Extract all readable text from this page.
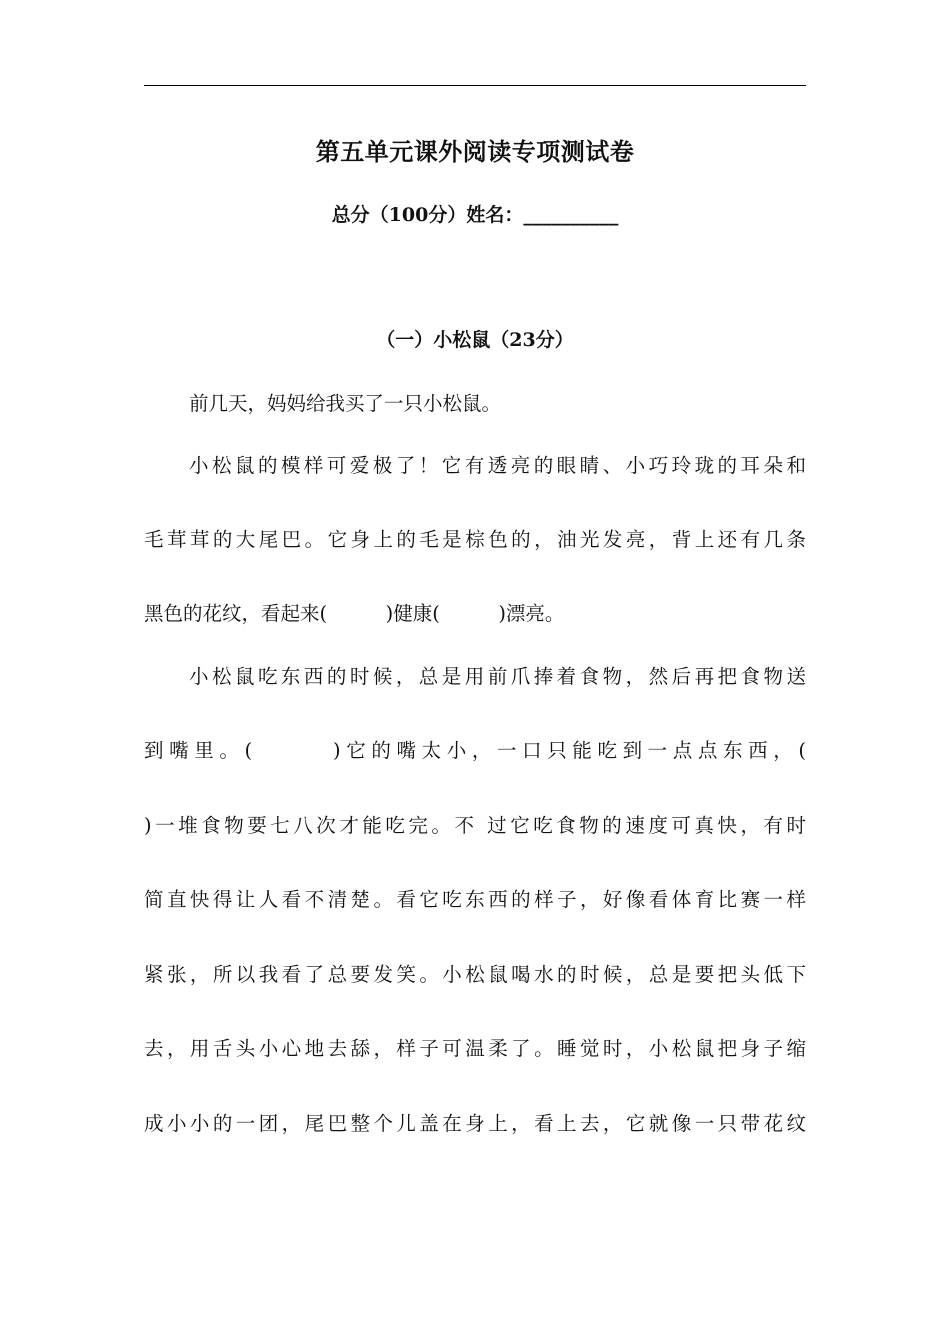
第五单元课外阅读专项测试卷
总分（100分）姓名：__________
（一）小松鼠（23分）
前几天，妈妈给我买了一只小松鼠。
小松鼠的模样可爱极了！它有透亮的眼睛、小巧玲珑的耳朵和
毛茸茸的大尾巴。它身上的毛是棕色的，油光发亮，背上还有几条
黑色的花纹，看起来(　　　)健康(　　　)漂亮。
小松鼠吃东西的时候，总是用前爪捧着食物，然后再把食物送
到嘴里。(　　　)它的嘴太小，一口只能吃到一点点东西，(
)一堆食物要七八次才能吃完。不 过它吃食物的速度可真快，有时
简直快得让人看不清楚。看它吃东西的样子，好像看体育比赛一样
紧张，所以我看了总要发笑。小松鼠喝水的时候，总是要把头低下
去，用舌头小心地去舔，样子可温柔了。睡觉时，小松鼠把身子缩
成小小的一团，尾巴整个儿盖在身上，看上去，它就像一只带花纹
